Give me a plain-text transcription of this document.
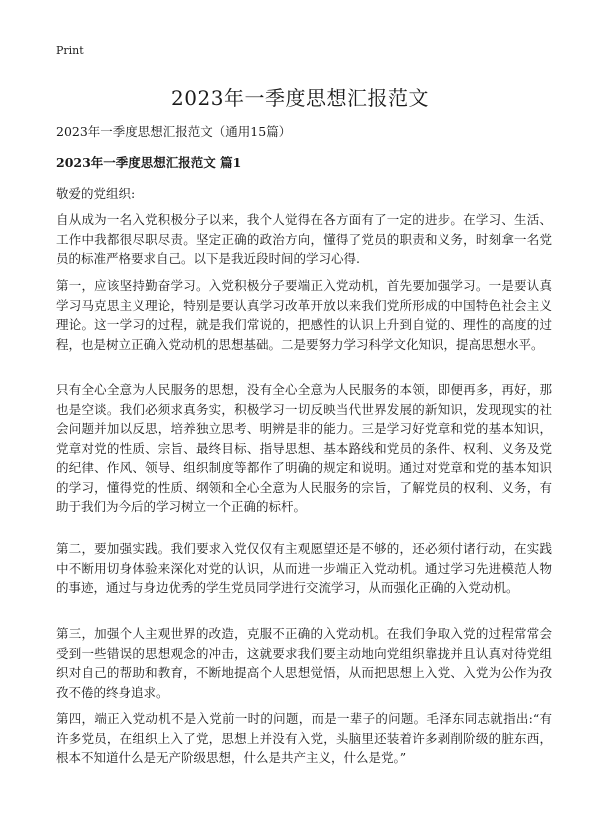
Print
2023年一季度思想汇报范文
2023年一季度思想汇报范文（通用15篇）
2023年一季度思想汇报范文 篇1
敬爱的党组织:

自从成为一名入党积极分子以来，我个人觉得在各方面有了一定的进步。在学习、生活、工作中我都很尽职尽责。坚定正确的政治方向，懂得了党员的职责和义务，时刻拿一名党员的标准严格要求自己。以下是我近段时间的学习心得.

第一，应该坚持勤奋学习。入党积极分子要端正入党动机，首先要加强学习。一是要认真学习马克思主义理论，特别是要认真学习改革开放以来我们党所形成的中国特色社会主义理论。这一学习的过程，就是我们常说的，把感性的认识上升到自觉的、理性的高度的过程，也是树立正确入党动机的思想基础。二是要努力学习科学文化知识，提高思想水平。

只有全心全意为人民服务的思想，没有全心全意为人民服务的本领，即便再多，再好，那也是空谈。我们必须求真务实，积极学习一切反映当代世界发展的新知识，发现现实的社会问题并加以反思，培养独立思考、明辨是非的能力。三是学习好党章和党的基本知识，党章对党的性质、宗旨、最终目标、指导思想、基本路线和党员的条件、权利、义务及党的纪律、作风、领导、组织制度等都作了明确的规定和说明。通过对党章和党的基本知识的学习，懂得党的性质、纲领和全心全意为人民服务的宗旨，了解党员的权利、义务，有助于我们为今后的学习树立一个正确的标杆。

第二，要加强实践。我们要求入党仅仅有主观愿望还是不够的，还必须付诸行动，在实践中不断用切身体验来深化对党的认识，从而进一步端正入党动机。通过学习先进模范人物的事迹，通过与身边优秀的学生党员同学进行交流学习，从而强化正确的入党动机。

第三，加强个人主观世界的改造，克服不正确的入党动机。在我们争取入党的过程常常会受到一些错误的思想观念的冲击，这就要求我们要主动地向党组织靠拢并且认真对待党组织对自己的帮助和教育，不断地提高个人思想觉悟，从而把思想上入党、入党为公作为孜孜不倦的终身追求。

第四，端正入党动机不是入党前一时的问题，而是一辈子的问题。毛泽东同志就指出:“有许多党员，在组织上入了党，思想上并没有入党，头脑里还装着许多剥削阶级的脏东西，根本不知道什么是无产阶级思想，什么是共产主义，什么是党。”
